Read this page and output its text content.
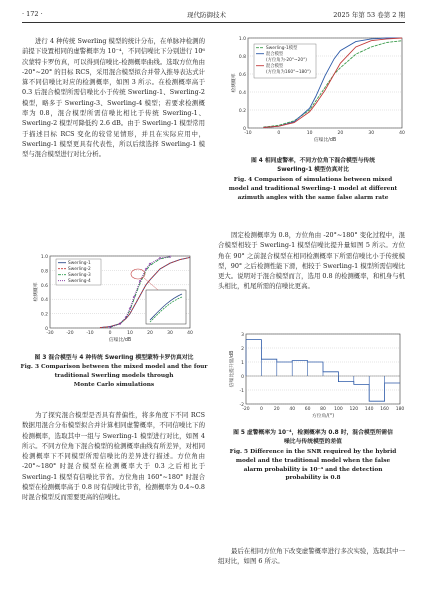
· 172 ·	现代防御技术	2025 年第 53 卷第 2 期

进行 4 种传统 Swerling 模型的统计分布，在单脉冲检测的前提下设置相同的虚警概率为 10⁻⁴，不同信噪比下分别进行 10⁶ 次蒙特卡罗仿真，可以得到信噪比-检测概率曲线。选取方位角由 -20°~20° 的目标 RCS，采用混合模型拟合并带入推导表达式计算不同信噪比对应的检测概率，如图 3 所示。在检测概率高于 0.3 后混合模型所需信噪比小于传统 Swerling-1、Swerling-2 模型，略多于 Swerling-3、Swerling-4 模型；若要求检测概率为 0.8，混合模型所需信噪比相比于传统 Swerling-1、Swerling-2 模型可降低约 2.6 dB。由于 Swerling-1 模型常用于描述目标 RCS 变化的较常见情形，并且在实际应用中，Swerling-1 模型更具有代表性，所以后续选择 Swerling-1 模型与混合模型进行对比分析。

1.0
0.8
0.6
0.4
0.2
0
-30	-20	-10	0	10	20	30	40
检测概率
信噪比/dB
Swerling-1
Swerling-2
Swerling-3
Swerling-4
图 3 混合模型与 4 种传统 Swerling 模型蒙特卡罗仿真对比
Fig. 3 Comparison between the mixed model and the four
traditional Swerling models through
Monte Carlo simulations

为了探究混合模型是否具有普偏性，将多角度下不同 RCS 数据用混合分布模型拟合并计算相同虚警概率，不同信噪比下的检测概率，选取其中一组与 Swerling-1 模型进行对比，如图 4 所示。不同方位角下混合模型的检测概率曲线有所差异，对相同检测概率下不同模型所需信噪比的差异进行描述。方位角由 -20°~180° 时混合模型在检测概率大于 0.3 之后相比于 Swerling-1 模型有信噪比节省。方位角由 160°~180° 时混合模型在检测概率高于 0.8 时有信噪比节省，检测概率为 0.4~0.8 时混合模型反而需要更高的信噪比。

1.0
0.8
0.6
0.4
0.2
0
-10	0	10	20	30	40
检测概率
信噪比/dB
Swerling-1模型
混合模型
(方位角为-20°~20°)
混合模型
(方位角为160°~180°)
图 4 相同虚警率，不同方位角下混合模型与传统
Swerling-1 模型仿真对比
Fig. 4 Comparison of simulations between mixed
model and traditional Swerling-1 model at different
azimuth angles with the same false alarm rate

固定检测概率为 0.8，方位角由 -20°~180° 变化过程中，混合模型相较于 Swerling-1 模型信噪比提升量如图 5 所示。方位角在 90° 之前混合模型在相同检测概率下所需信噪比小于传统模型，90° 之后检测性能下滑，相较于 Swerling-1 模型所需信噪比更大。说明对于混合模型而言，选用 0.8 的检测概率，和机身与机头相比，机尾所需的信噪比更高。

3
2
1
0
-1
-2
-20 0 20 40 60 80 100 120 140 160 180
信噪比提升量/dB
方位角/(°)
图 5 虚警概率为 10⁻⁴，检测概率为 0.8 时，混合模型所需信
噪比与传统模型的差值
Fig. 5 Difference in the SNR required by the hybrid
model and the traditional model when the false
alarm probability is 10⁻⁴ and the detection
probability is 0.8

最后在相同方位角下改变虚警概率进行多次实验，选取其中一组对比，如图 6 所示。
